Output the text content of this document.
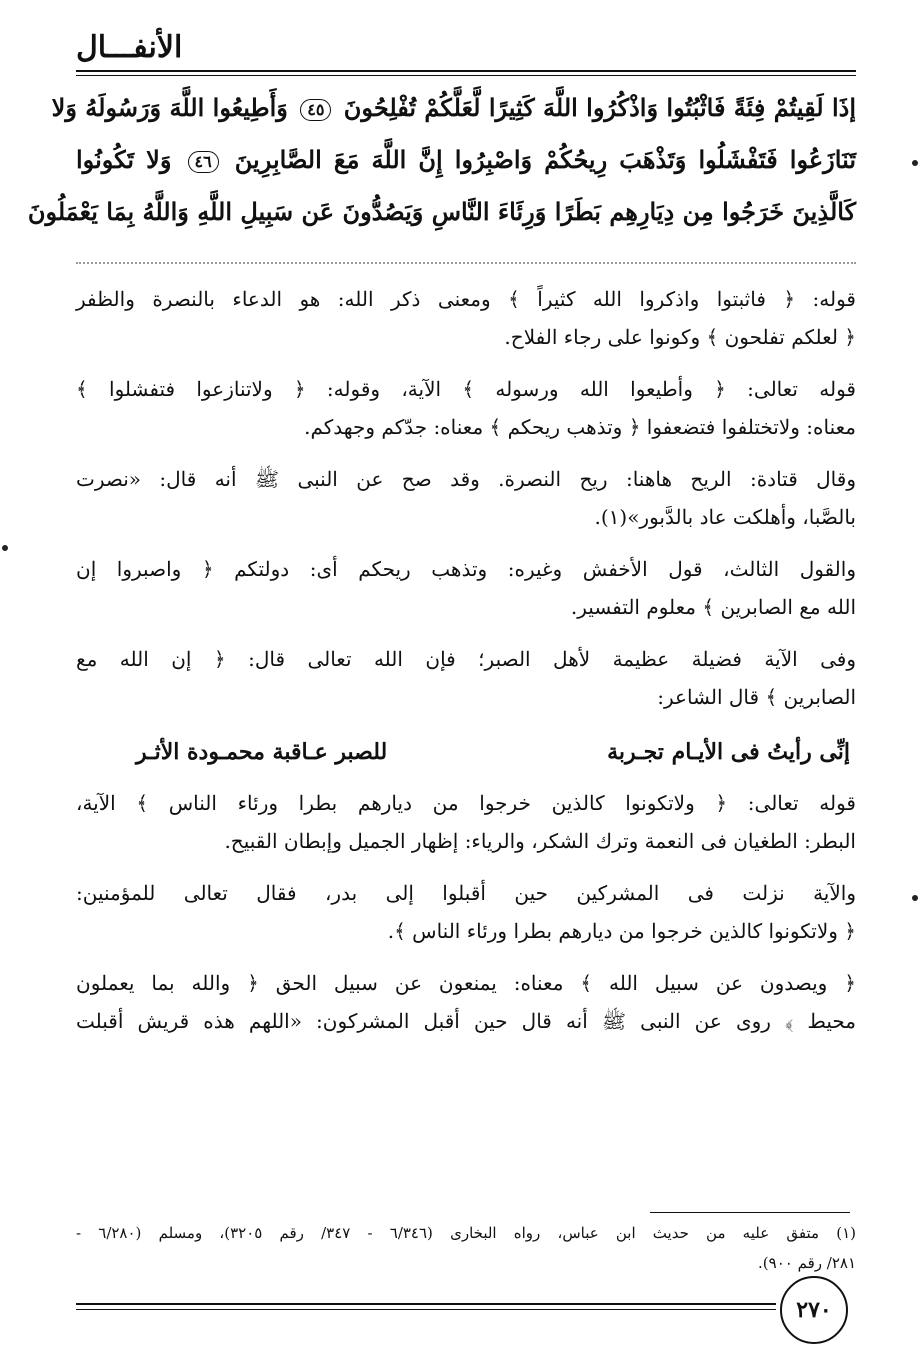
الأنفـــال
إذَا لَقِيتُمْ فِئَةً فَاثْبُتُوا وَاذْكُرُوا اللَّهَ كَثِيرًا لَّعَلَّكُمْ تُفْلِحُونَ ٤٥ وَأَطِيعُوا اللَّهَ وَرَسُولَهُ وَلا
تَنَازَعُوا فَتَفْشَلُوا وَتَذْهَبَ رِيحُكُمْ وَاصْبِرُوا إِنَّ اللَّهَ مَعَ الصَّابِرِينَ ٤٦ وَلا تَكُونُوا
كَالَّذِينَ خَرَجُوا مِن دِيَارِهِم بَطَرًا وَرِئَاءَ النَّاسِ وَيَصُدُّونَ عَن سَبِيلِ اللَّهِ وَاللَّهُ بِمَا يَعْمَلُونَ
قوله: ﴿ فاثبتوا واذكروا الله كثيراً ﴾ ومعنى ذكر الله: هو الدعاء بالنصرة والظفر
﴿ لعلكم تفلحون ﴾ وكونوا على رجاء الفلاح.
قوله تعالى: ﴿ وأطيعوا الله ورسوله ﴾ الآية، وقوله: ﴿ ولاتنازعوا فتفشلوا ﴾
معناه: ولاتختلفوا فتضعفوا ﴿ وتذهب ريحكم ﴾ معناه: جدّكم وجهدكم.
وقال قتادة: الريح هاهنا: ريح النصرة. وقد صح عن النبى ﷺ أنه قال: «نصرت
بالصَّبا، وأهلكت عاد بالدَّبور»(١).
والقول الثالث، قول الأخفش وغيره: وتذهب ريحكم أى: دولتكم ﴿ واصبروا إن
الله مع الصابرين ﴾ معلوم التفسير.
وفى الآية فضيلة عظيمة لأهل الصبر؛ فإن الله تعالى قال: ﴿ إن الله مع
الصابرين ﴾ قال الشاعر:
إنِّى رأيتُ فى الأيـام تجـربة
للصبر عـاقبة محمـودة الأثـر
قوله تعالى: ﴿ ولاتكونوا كالذين خرجوا من ديارهم بطرا ورئاء الناس ﴾ الآية،
البطر: الطغيان فى النعمة وترك الشكر، والرياء: إظهار الجميل وإبطان القبيح.
والآية نزلت فى المشركين حين أقبلوا إلى بدر، فقال تعالى للمؤمنين:
﴿ ولاتكونوا كالذين خرجوا من ديارهم بطرا ورئاء الناس ﴾.
﴿ ويصدون عن سبيل الله ﴾ معناه: يمنعون عن سبيل الحق ﴿ والله بما يعملون
محيط ﴾ روى عن النبى ﷺ أنه قال حين أقبل المشركون: «اللهم هذه قريش أقبلت
(١) متفق عليه من حديث ابن عباس، رواه البخارى (٦/٣٤٦ - ٣٤٧/ رقم ٣٢٠٥)، ومسلم (٦/٢٨٠ -
٢٨١/ رقم ٩٠٠).
٢٧٠
